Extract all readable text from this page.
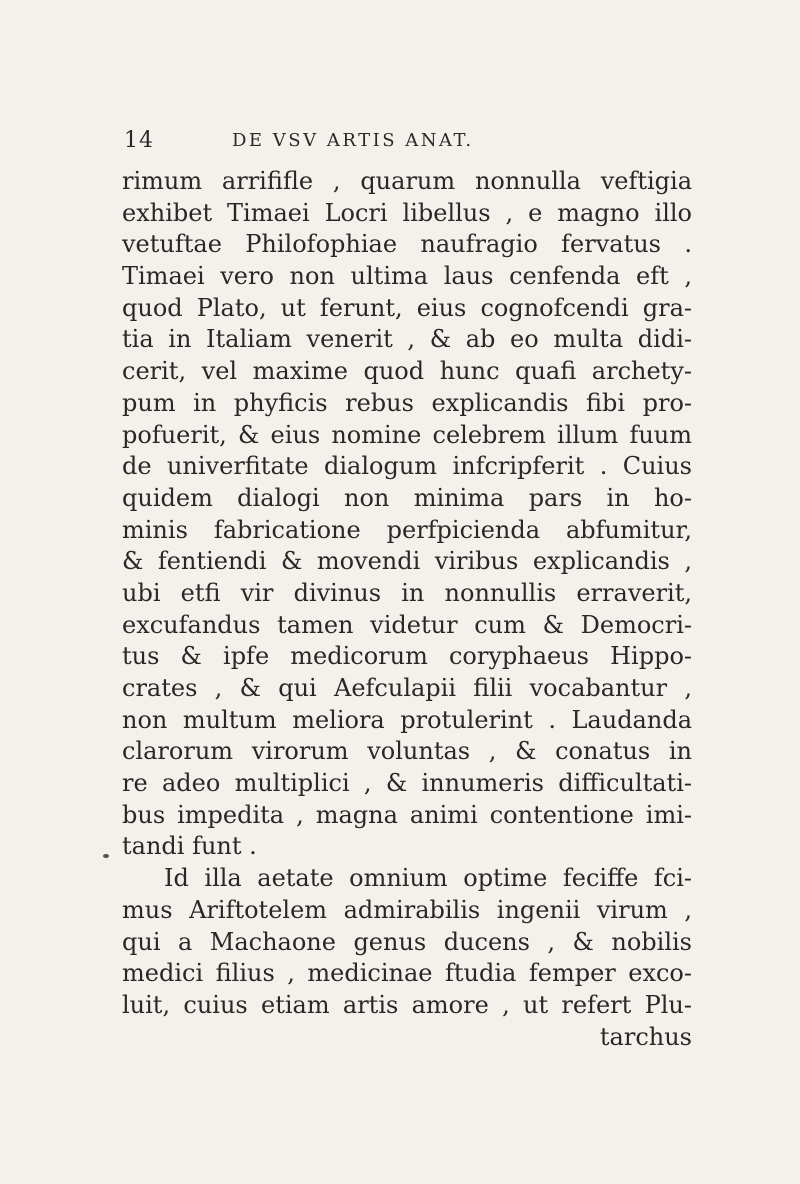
14	DE VSV ARTIS ANAT.
rimum arrififle , quarum nonnulla veftigia
exhibet Timaei Locri libellus , e magno illo
vetuftae Philofophiae naufragio fervatus .
Timaei vero non ultima laus cenfenda eft ,
quod Plato, ut ferunt, eius cognofcendi gra-
tia in Italiam venerit , & ab eo multa didi-
cerit, vel maxime quod hunc quafi archety-
pum in phyficis rebus explicandis fibi pro-
pofuerit, & eius nomine celebrem illum fuum
de univerfitate dialogum infcripferit . Cuius
quidem dialogi non minima pars in ho-
minis fabricatione perfpicienda abfumitur,
& fentiendi & movendi viribus explicandis ,
ubi etfi vir divinus in nonnullis erraverit,
excufandus tamen videtur cum & Democri-
tus & ipfe medicorum coryphaeus Hippo-
crates , & qui Aefculapii filii vocabantur ,
non multum meliora protulerint . Laudanda
clarorum virorum voluntas , & conatus in
re adeo multiplici , & innumeris difficultati-
bus impedita , magna animi contentione imi-
tandi funt .
Id illa aetate omnium optime feciffe fci-
mus Ariftotelem admirabilis ingenii virum ,
qui a Machaone genus ducens , & nobilis
medici filius , medicinae ftudia femper exco-
luit, cuius etiam artis amore , ut refert Plu-
tarchus
